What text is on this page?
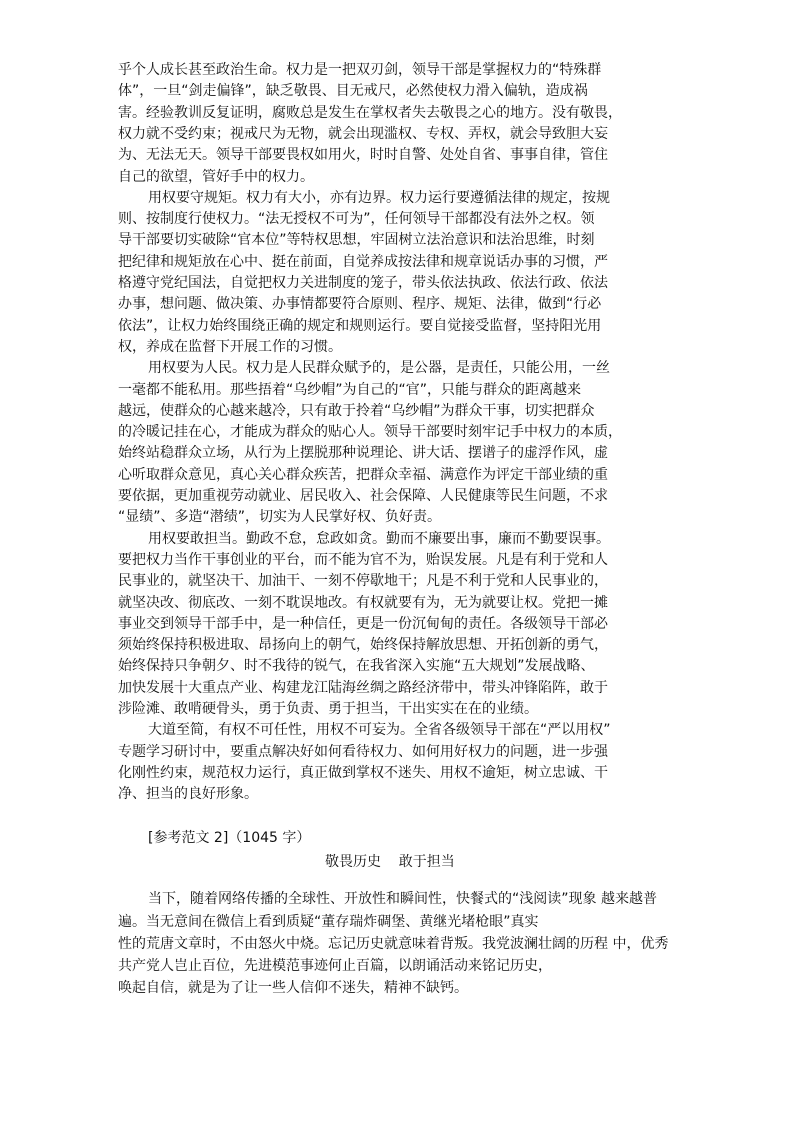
乎个人成长甚至政治生命。权力是一把双刃剑，领导干部是掌握权力的“特殊群
体”，一旦“剑走偏锋”，缺乏敬畏、目无戒尺，必然使权力滑入偏轨，造成祸
害。经验教训反复证明，腐败总是发生在掌权者失去敬畏之心的地方。没有敬畏，
权力就不受约束；视戒尺为无物，就会出现滥权、专权、弄权，就会导致胆大妄
为、无法无天。领导干部要畏权如用火，时时自警、处处自省、事事自律，管住
自己的欲望，管好手中的权力。
用权要守规矩。权力有大小，亦有边界。权力运行要遵循法律的规定，按规
则、按制度行使权力。“法无授权不可为”，任何领导干部都没有法外之权。领
导干部要切实破除“官本位”等特权思想，牢固树立法治意识和法治思维，时刻
把纪律和规矩放在心中、挺在前面，自觉养成按法律和规章说话办事的习惯，严
格遵守党纪国法，自觉把权力关进制度的笼子，带头依法执政、依法行政、依法
办事，想问题、做决策、办事情都要符合原则、程序、规矩、法律，做到“行必
依法”，让权力始终围绕正确的规定和规则运行。要自觉接受监督，坚持阳光用
权，养成在监督下开展工作的习惯。
用权要为人民。权力是人民群众赋予的，是公器，是责任，只能公用，一丝
一毫都不能私用。那些捂着“乌纱帽”为自己的“官”，只能与群众的距离越来
越远，使群众的心越来越冷，只有敢于拎着“乌纱帽”为群众干事，切实把群众
的冷暖记挂在心，才能成为群众的贴心人。领导干部要时刻牢记手中权力的本质，
始终站稳群众立场，从行为上摆脱那种说理论、讲大话、摆谱子的虚浮作风，虚
心听取群众意见，真心关心群众疾苦，把群众幸福、满意作为评定干部业绩的重
要依据，更加重视劳动就业、居民收入、社会保障、人民健康等民生问题，不求
“显绩”、多造“潜绩”，切实为人民掌好权、负好责。
用权要敢担当。勤政不怠，怠政如贪。勤而不廉要出事，廉而不勤要误事。
要把权力当作干事创业的平台，而不能为官不为，贻误发展。凡是有利于党和人
民事业的，就坚决干、加油干、一刻不停歇地干；凡是不利于党和人民事业的，
就坚决改、彻底改、一刻不耽误地改。有权就要有为，无为就要让权。党把一摊
事业交到领导干部手中，是一种信任，更是一份沉甸甸的责任。各级领导干部必
须始终保持积极进取、昂扬向上的朝气，始终保持解放思想、开拓创新的勇气，
始终保持只争朝夕、时不我待的锐气，在我省深入实施“五大规划”发展战略、
加快发展十大重点产业、构建龙江陆海丝绸之路经济带中，带头冲锋陷阵，敢于
涉险滩、敢啃硬骨头，勇于负责、勇于担当，干出实实在在的业绩。
大道至简，有权不可任性，用权不可妄为。全省各级领导干部在“严以用权”
专题学习研讨中，要重点解决好如何看待权力、如何用好权力的问题，进一步强
化刚性约束，规范权力运行，真正做到掌权不迷失、用权不逾矩，树立忠诚、干
净、担当的良好形象。
[参考范文 2]（1045 字）
敬畏历史    敢于担当
当下，随着网络传播的全球性、开放性和瞬间性，快餐式的“浅阅读”现象 越来越普
遍。当无意间在微信上看到质疑“董存瑞炸碉堡、黄继光堵枪眼”真实
性的荒唐文章时，不由怒火中烧。忘记历史就意味着背叛。我党波澜壮阔的历程 中，优秀
共产党人岂止百位，先进模范事迹何止百篇，以朗诵活动来铭记历史，
唤起自信，就是为了让一些人信仰不迷失，精神不缺钙。
